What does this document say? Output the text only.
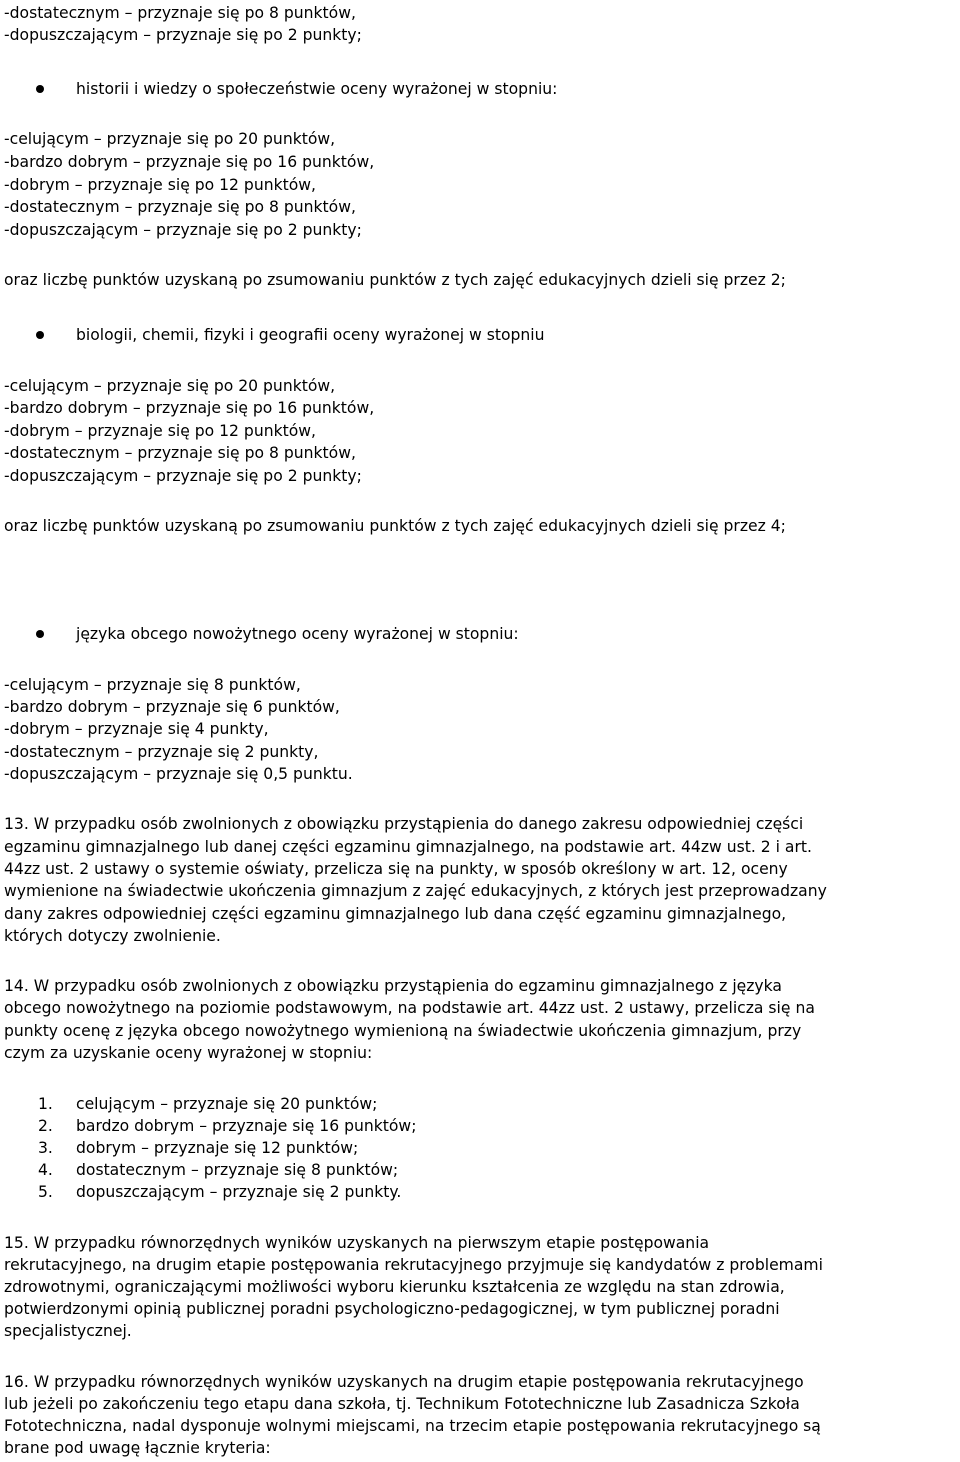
-dostatecznym – przyznaje się po 8 punktów,
-dopuszczającym – przyznaje się po 2 punkty;
historii i wiedzy o społeczeństwie oceny wyrażonej w stopniu:
-celującym – przyznaje się po 20 punktów,
-bardzo dobrym – przyznaje się po 16 punktów,
-dobrym – przyznaje się po 12 punktów,
-dostatecznym – przyznaje się po 8 punktów,
-dopuszczającym – przyznaje się po 2 punkty;
oraz liczbę punktów uzyskaną po zsumowaniu punktów z tych zajęć edukacyjnych dzieli się przez 2;
biologii, chemii, fizyki i geografii oceny wyrażonej w stopniu
-celującym – przyznaje się po 20 punktów,
-bardzo dobrym – przyznaje się po 16 punktów,
-dobrym – przyznaje się po 12 punktów,
-dostatecznym – przyznaje się po 8 punktów,
-dopuszczającym – przyznaje się po 2 punkty;
oraz liczbę punktów uzyskaną po zsumowaniu punktów z tych zajęć edukacyjnych dzieli się przez 4;
języka obcego nowożytnego oceny wyrażonej w stopniu:
-celującym – przyznaje się 8 punktów,
-bardzo dobrym – przyznaje się 6 punktów,
-dobrym – przyznaje się 4 punkty,
-dostatecznym – przyznaje się 2 punkty,
-dopuszczającym – przyznaje się 0,5 punktu.
13. W przypadku osób zwolnionych z obowiązku przystąpienia do danego zakresu odpowiedniej części
egzaminu gimnazjalnego lub danej części egzaminu gimnazjalnego, na podstawie art. 44zw ust. 2 i art.
44zz ust. 2 ustawy o systemie oświaty, przelicza się na punkty, w sposób określony w art. 12, oceny
wymienione na świadectwie ukończenia gimnazjum z zajęć edukacyjnych, z których jest przeprowadzany
dany zakres odpowiedniej części egzaminu gimnazjalnego lub dana część egzaminu gimnazjalnego,
których dotyczy zwolnienie.
14. W przypadku osób zwolnionych z obowiązku przystąpienia do egzaminu gimnazjalnego z języka
obcego nowożytnego na poziomie podstawowym, na podstawie art. 44zz ust. 2 ustawy, przelicza się na
punkty ocenę z języka obcego nowożytnego wymienioną na świadectwie ukończenia gimnazjum, przy
czym za uzyskanie oceny wyrażonej w stopniu:
1. celującym – przyznaje się 20 punktów;
2. bardzo dobrym – przyznaje się 16 punktów;
3. dobrym – przyznaje się 12 punktów;
4. dostatecznym – przyznaje się 8 punktów;
5. dopuszczającym – przyznaje się 2 punkty.
15. W przypadku równorzędnych wyników uzyskanych na pierwszym etapie postępowania
rekrutacyjnego, na drugim etapie postępowania rekrutacyjnego przyjmuje się kandydatów z problemami
zdrowotnymi, ograniczającymi możliwości wyboru kierunku kształcenia ze względu na stan zdrowia,
potwierdzonymi opinią publicznej poradni psychologiczno-pedagogicznej, w tym publicznej poradni
specjalistycznej.
16. W przypadku równorzędnych wyników uzyskanych na drugim etapie postępowania rekrutacyjnego
lub jeżeli po zakończeniu tego etapu dana szkoła, tj. Technikum Fototechniczne lub Zasadnicza Szkoła
Fototechniczna, nadal dysponuje wolnymi miejscami, na trzecim etapie postępowania rekrutacyjnego są
brane pod uwagę łącznie kryteria:
